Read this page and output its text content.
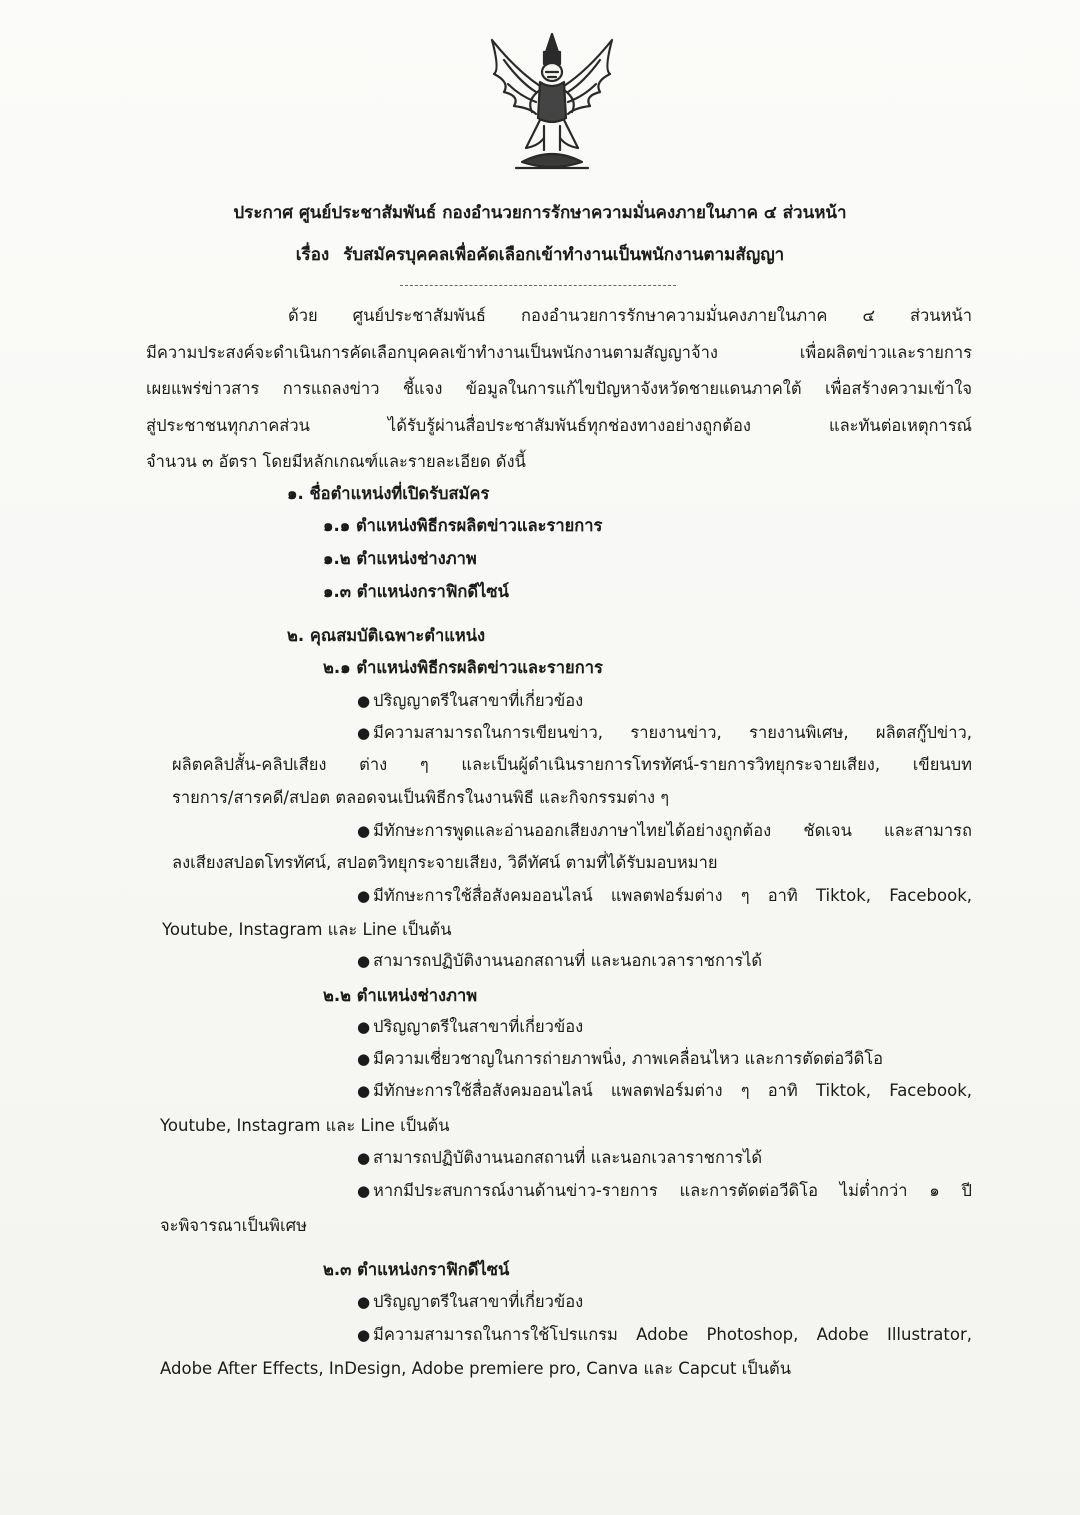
ประกาศ ศูนย์ประชาสัมพันธ์ กองอำนวยการรักษาความมั่นคงภายในภาค ๔ ส่วนหน้า
เรื่อง รับสมัครบุคคลเพื่อคัดเลือกเข้าทำงานเป็นพนักงานตามสัญญา
ด้วย ศูนย์ประชาสัมพันธ์ กองอำนวยการรักษาความมั่นคงภายในภาค ๔ ส่วนหน้า
มีความประสงค์จะดำเนินการคัดเลือกบุคคลเข้าทำงานเป็นพนักงานตามสัญญาจ้าง เพื่อผลิตข่าวและรายการ
เผยแพร่ข่าวสาร การแถลงข่าว ชี้แจง ข้อมูลในการแก้ไขปัญหาจังหวัดชายแดนภาคใต้ เพื่อสร้างความเข้าใจ
สู่ประชาชนทุกภาคส่วน ได้รับรู้ผ่านสื่อประชาสัมพันธ์ทุกช่องทางอย่างถูกต้อง และทันต่อเหตุการณ์
จำนวน ๓ อัตรา โดยมีหลักเกณฑ์และรายละเอียด ดังนี้
๑. ชื่อตำแหน่งที่เปิดรับสมัคร
๑.๑ ตำแหน่งพิธีกรผลิตข่าวและรายการ
๑.๒ ตำแหน่งช่างภาพ
๑.๓ ตำแหน่งกราฟิกดีไซน์
๒. คุณสมบัติเฉพาะตำแหน่ง
๒.๑ ตำแหน่งพิธีกรผลิตข่าวและรายการ
● ปริญญาตรีในสาขาที่เกี่ยวข้อง
● มีความสามารถในการเขียนข่าว, รายงานข่าว, รายงานพิเศษ, ผลิตสกู๊ปข่าว,
ผลิตคลิปสั้น-คลิปเสียง ต่าง ๆ และเป็นผู้ดำเนินรายการโทรทัศน์-รายการวิทยุกระจายเสียง, เขียนบท
รายการ/สารคดี/สปอต ตลอดจนเป็นพิธีกรในงานพิธี และกิจกรรมต่าง ๆ
● มีทักษะการพูดและอ่านออกเสียงภาษาไทยได้อย่างถูกต้อง ชัดเจน และสามารถ
ลงเสียงสปอตโทรทัศน์, สปอตวิทยุกระจายเสียง, วิดีทัศน์ ตามที่ได้รับมอบหมาย
● มีทักษะการใช้สื่อสังคมออนไลน์ แพลตฟอร์มต่าง ๆ อาทิ Tiktok, Facebook,
Youtube, Instagram และ Line เป็นต้น
● สามารถปฏิบัติงานนอกสถานที่ และนอกเวลาราชการได้
๒.๒ ตำแหน่งช่างภาพ
● ปริญญาตรีในสาขาที่เกี่ยวข้อง
● มีความเชี่ยวชาญในการถ่ายภาพนิ่ง, ภาพเคลื่อนไหว และการตัดต่อวีดิโอ
● มีทักษะการใช้สื่อสังคมออนไลน์ แพลตฟอร์มต่าง ๆ อาทิ Tiktok, Facebook,
Youtube, Instagram และ Line เป็นต้น
● สามารถปฏิบัติงานนอกสถานที่ และนอกเวลาราชการได้
● หากมีประสบการณ์งานด้านข่าว-รายการ และการตัดต่อวีดิโอ ไม่ต่ำกว่า ๑ ปี
จะพิจารณาเป็นพิเศษ
๒.๓ ตำแหน่งกราฟิกดีไซน์
● ปริญญาตรีในสาขาที่เกี่ยวข้อง
● มีความสามารถในการใช้โปรแกรม Adobe Photoshop, Adobe Illustrator,
Adobe After Effects, InDesign, Adobe premiere pro, Canva และ Capcut เป็นต้น
